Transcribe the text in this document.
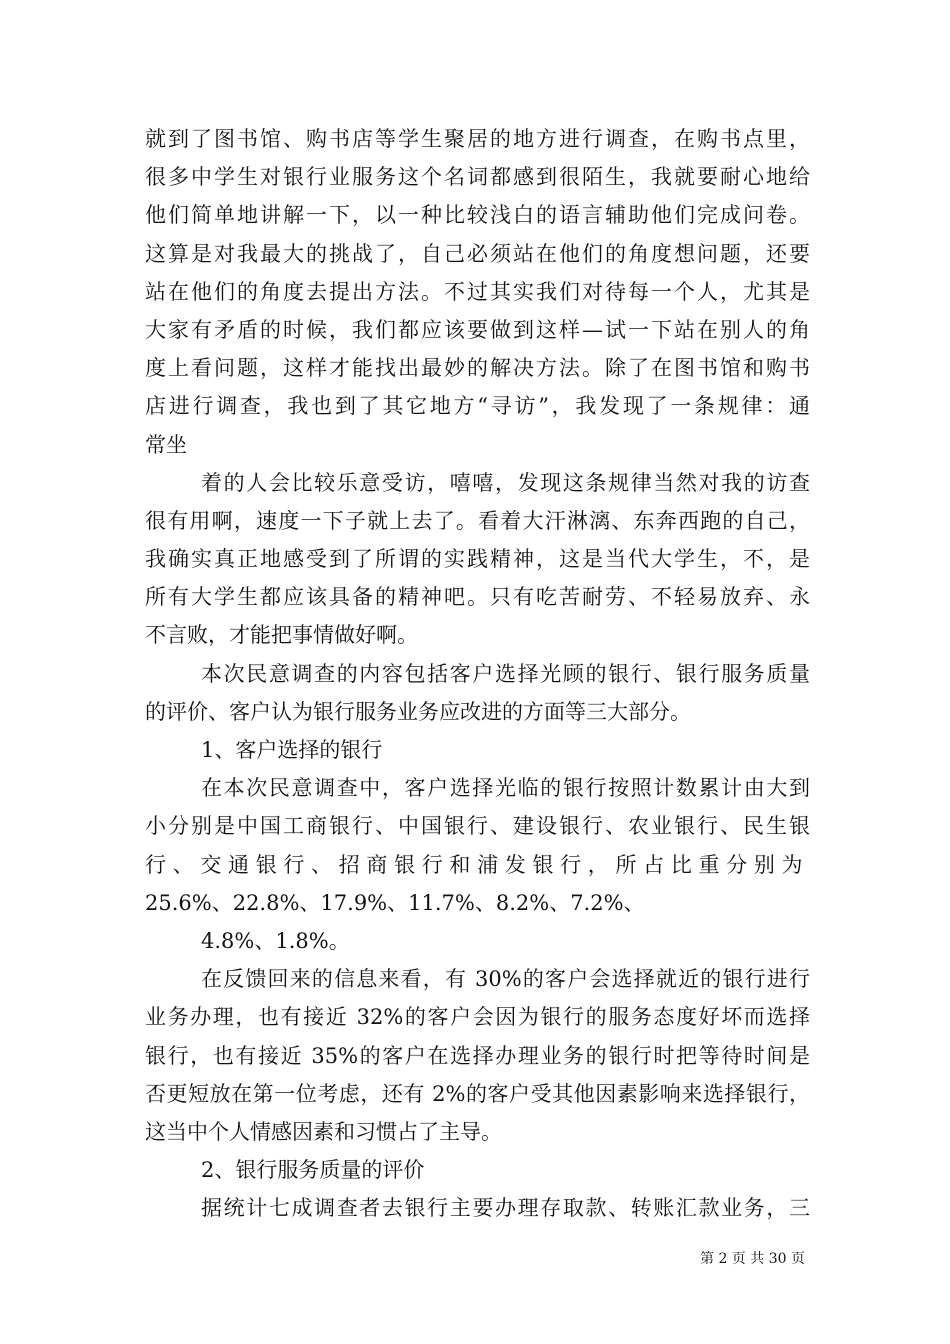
就到了图书馆、购书店等学生聚居的地方进行调查，在购书点里，
很多中学生对银行业服务这个名词都感到很陌生，我就要耐心地给
他们简单地讲解一下，以一种比较浅白的语言辅助他们完成问卷。
这算是对我最大的挑战了，自己必须站在他们的角度想问题，还要
站在他们的角度去提出方法。不过其实我们对待每一个人，尤其是
大家有矛盾的时候，我们都应该要做到这样—试一下站在别人的角
度上看问题，这样才能找出最妙的解决方法。除了在图书馆和购书
店进行调查，我也到了其它地方“寻访”，我发现了一条规律：通
常坐
着的人会比较乐意受访，嘻嘻，发现这条规律当然对我的访查
很有用啊，速度一下子就上去了。看着大汗淋漓、东奔西跑的自己，
我确实真正地感受到了所谓的实践精神，这是当代大学生，不，是
所有大学生都应该具备的精神吧。只有吃苦耐劳、不轻易放弃、永
不言败，才能把事情做好啊。
本次民意调查的内容包括客户选择光顾的银行、银行服务质量
的评价、客户认为银行服务业务应改进的方面等三大部分。
1、客户选择的银行
在本次民意调查中，客户选择光临的银行按照计数累计由大到
小分别是中国工商银行、中国银行、建设银行、农业银行、民生银
行 、 交 通 银 行 、 招 商 银 行 和 浦 发 银 行 ， 所 占 比 重 分 别 为
25.6%、22.8%、17.9%、11.7%、8.2%、7.2%、
4.8%、1.8%。
在反馈回来的信息来看，有 30%的客户会选择就近的银行进行
业务办理，也有接近 32%的客户会因为银行的服务态度好坏而选择
银行，也有接近 35%的客户在选择办理业务的银行时把等待时间是
否更短放在第一位考虑，还有 2%的客户受其他因素影响来选择银行，
这当中个人情感因素和习惯占了主导。
2、银行服务质量的评价
据统计七成调查者去银行主要办理存取款、转账汇款业务，三
第 2 页 共 30 页
